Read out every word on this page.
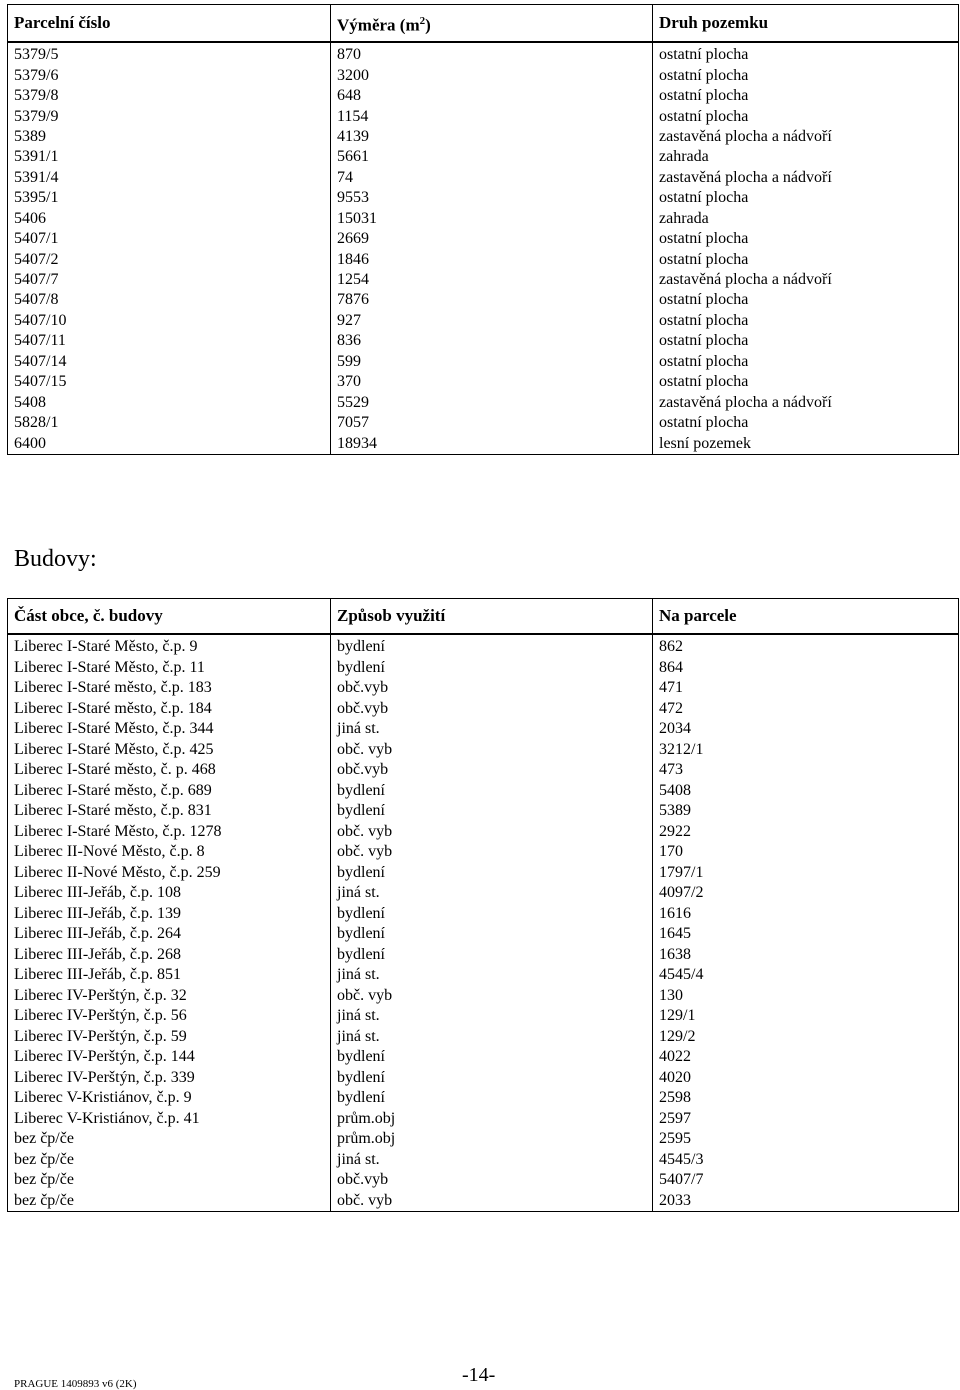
Parcelní číslo	Výměra $(m^2)$	Druh pozemku
5379/5	870	ostatní plocha
5379/6	3200	ostatní plocha
5379/8	648	ostatní plocha
5379/9	1154	ostatní plocha
5389	4139	zastavěná plocha a nádvoří
5391/1	5661	zahrada
5391/4	74	zastavěná plocha a nádvoří
5395/1	9553	ostatní plocha
5406	15031	zahrada
5407/1	2669	ostatní plocha
5407/2	1846	ostatní plocha
5407/7	1254	zastavěná plocha a nádvoří
5407/8	7876	ostatní plocha
5407/10	927	ostatní plocha
5407/11	836	ostatní plocha
5407/14	599	ostatní plocha
5407/15	370	ostatní plocha
5408	5529	zastavěná plocha a nádvoří
5828/1	7057	ostatní plocha
6400	18934	lesní pozemek
Budovy:
Část obce, č. budovy	Způsob využití	Na parcele
Liberec I-Staré Město, č.p. 9	bydlení	862
Liberec I-Staré Město, č.p. 11	bydlení	864
Liberec I-Staré město, č.p. 183	obč.vyb	471
Liberec I-Staré město, č.p. 184	obč.vyb	472
Liberec I-Staré Město, č.p. 344	jiná st.	2034
Liberec I-Staré Město, č.p. 425	obč. vyb	3212/1
Liberec I-Staré město, č. p. 468	obč.vyb	473
Liberec I-Staré město, č.p. 689	bydlení	5408
Liberec I-Staré město, č.p. 831	bydlení	5389
Liberec I-Staré Město, č.p. 1278	obč. vyb	2922
Liberec II-Nové Město, č.p. 8	obč. vyb	170
Liberec II-Nové Město, č.p. 259	bydlení	1797/1
Liberec III-Jeřáb, č.p. 108	jiná st.	4097/2
Liberec III-Jeřáb, č.p. 139	bydlení	1616
Liberec III-Jeřáb, č.p. 264	bydlení	1645
Liberec III-Jeřáb, č.p. 268	bydlení	1638
Liberec III-Jeřáb, č.p. 851	jiná st.	4545/4
Liberec IV-Perštýn, č.p. 32	obč. vyb	130
Liberec IV-Perštýn, č.p. 56	jiná st.	129/1
Liberec IV-Perštýn, č.p. 59	jiná st.	129/2
Liberec IV-Perštýn, č.p. 144	bydlení	4022
Liberec IV-Perštýn, č.p. 339	bydlení	4020
Liberec V-Kristiánov, č.p. 9	bydlení	2598
Liberec V-Kristiánov, č.p. 41	prům.obj	2597
bez čp/če	prům.obj	2595
bez čp/če	jiná st.	4545/3
bez čp/če	obč.vyb	5407/7
bez čp/če	obč. vyb	2033
PRAGUE 1409893 v6 (2K)	-14-
